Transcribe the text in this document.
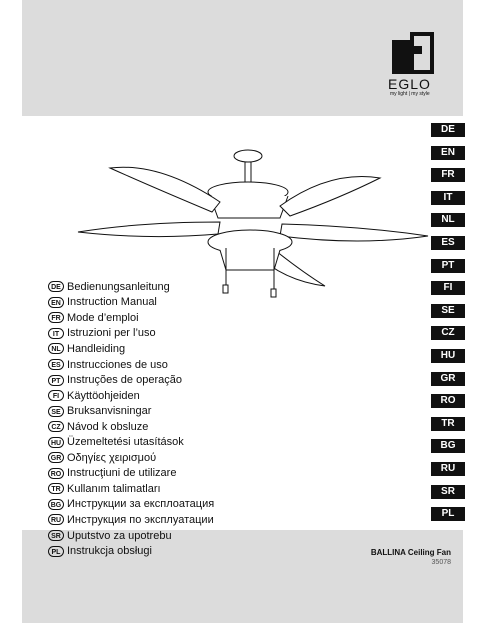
EGLO
my light | my style
DE
EN
FR
IT
NL
ES
PT
FI
SE
CZ
HU
GR
RO
TR
BG
RU
SR
PL
DE Bedienungsanleitung
EN Instruction Manual
FR Mode d’emploi
IT Istruzioni per l’uso
NL Handleiding
ES Instrucciones de uso
PT Instruções de operação
FI Käyttöohjeiden
SE Bruksanvisningar
CZ Návod k obsluze
HU Üzemeltetési utasítások
GR Οδηγίες χειρισμού
RO Instrucţiuni de utilizare
TR Kullanım talimatları
BG Инструкции за експлоатация
RU Инструкция по эксплуатации
SR Uputstvo za upotrebu
PL Instrukcja obsługi	BALLINA Ceiling Fan
35078
